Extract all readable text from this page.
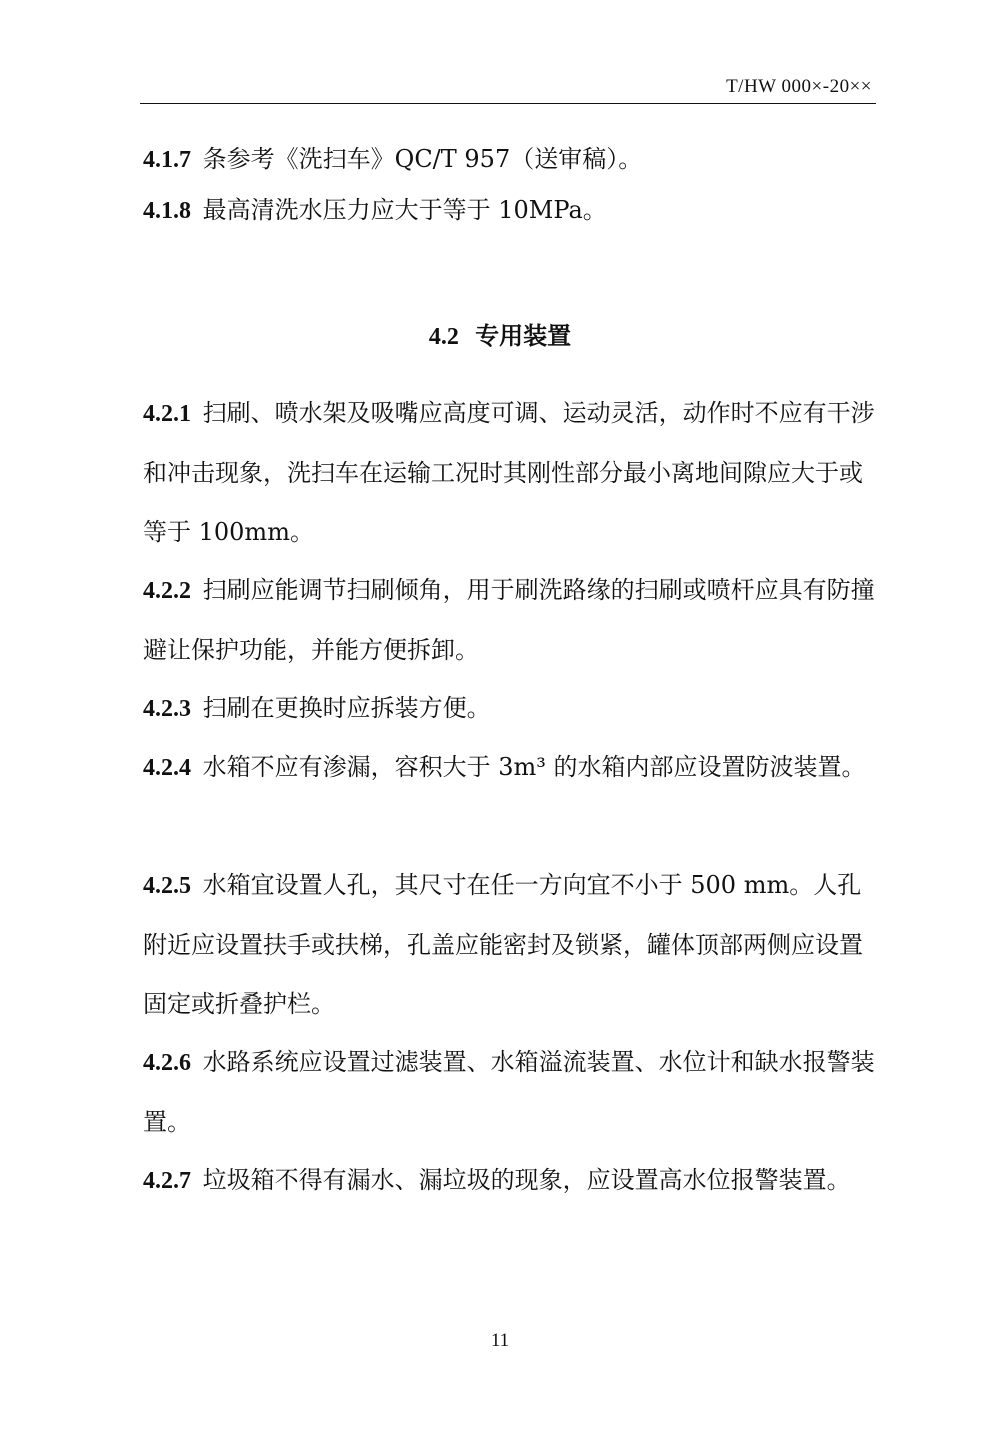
T/HW 000×-20××

4.1.7 条参考《洗扫车》QC/T 957（送审稿）。

4.1.8 最高清洗水压力应大于等于 10MPa。

4.2 专用装置

4.2.1 扫刷、喷水架及吸嘴应高度可调、运动灵活，动作时不应有干涉和冲击现象，洗扫车在运输工况时其刚性部分最小离地间隙应大于或等于 100mm。

4.2.2 扫刷应能调节扫刷倾角，用于刷洗路缘的扫刷或喷杆应具有防撞避让保护功能，并能方便拆卸。

4.2.3 扫刷在更换时应拆装方便。

4.2.4 水箱不应有渗漏，容积大于 3m³ 的水箱内部应设置防波装置。

4.2.5 水箱宜设置人孔，其尺寸在任一方向宜不小于 500 mm。人孔附近应设置扶手或扶梯，孔盖应能密封及锁紧，罐体顶部两侧应设置固定或折叠护栏。

4.2.6 水路系统应设置过滤装置、水箱溢流装置、水位计和缺水报警装置。

4.2.7 垃圾箱不得有漏水、漏垃圾的现象，应设置高水位报警装置。

11
